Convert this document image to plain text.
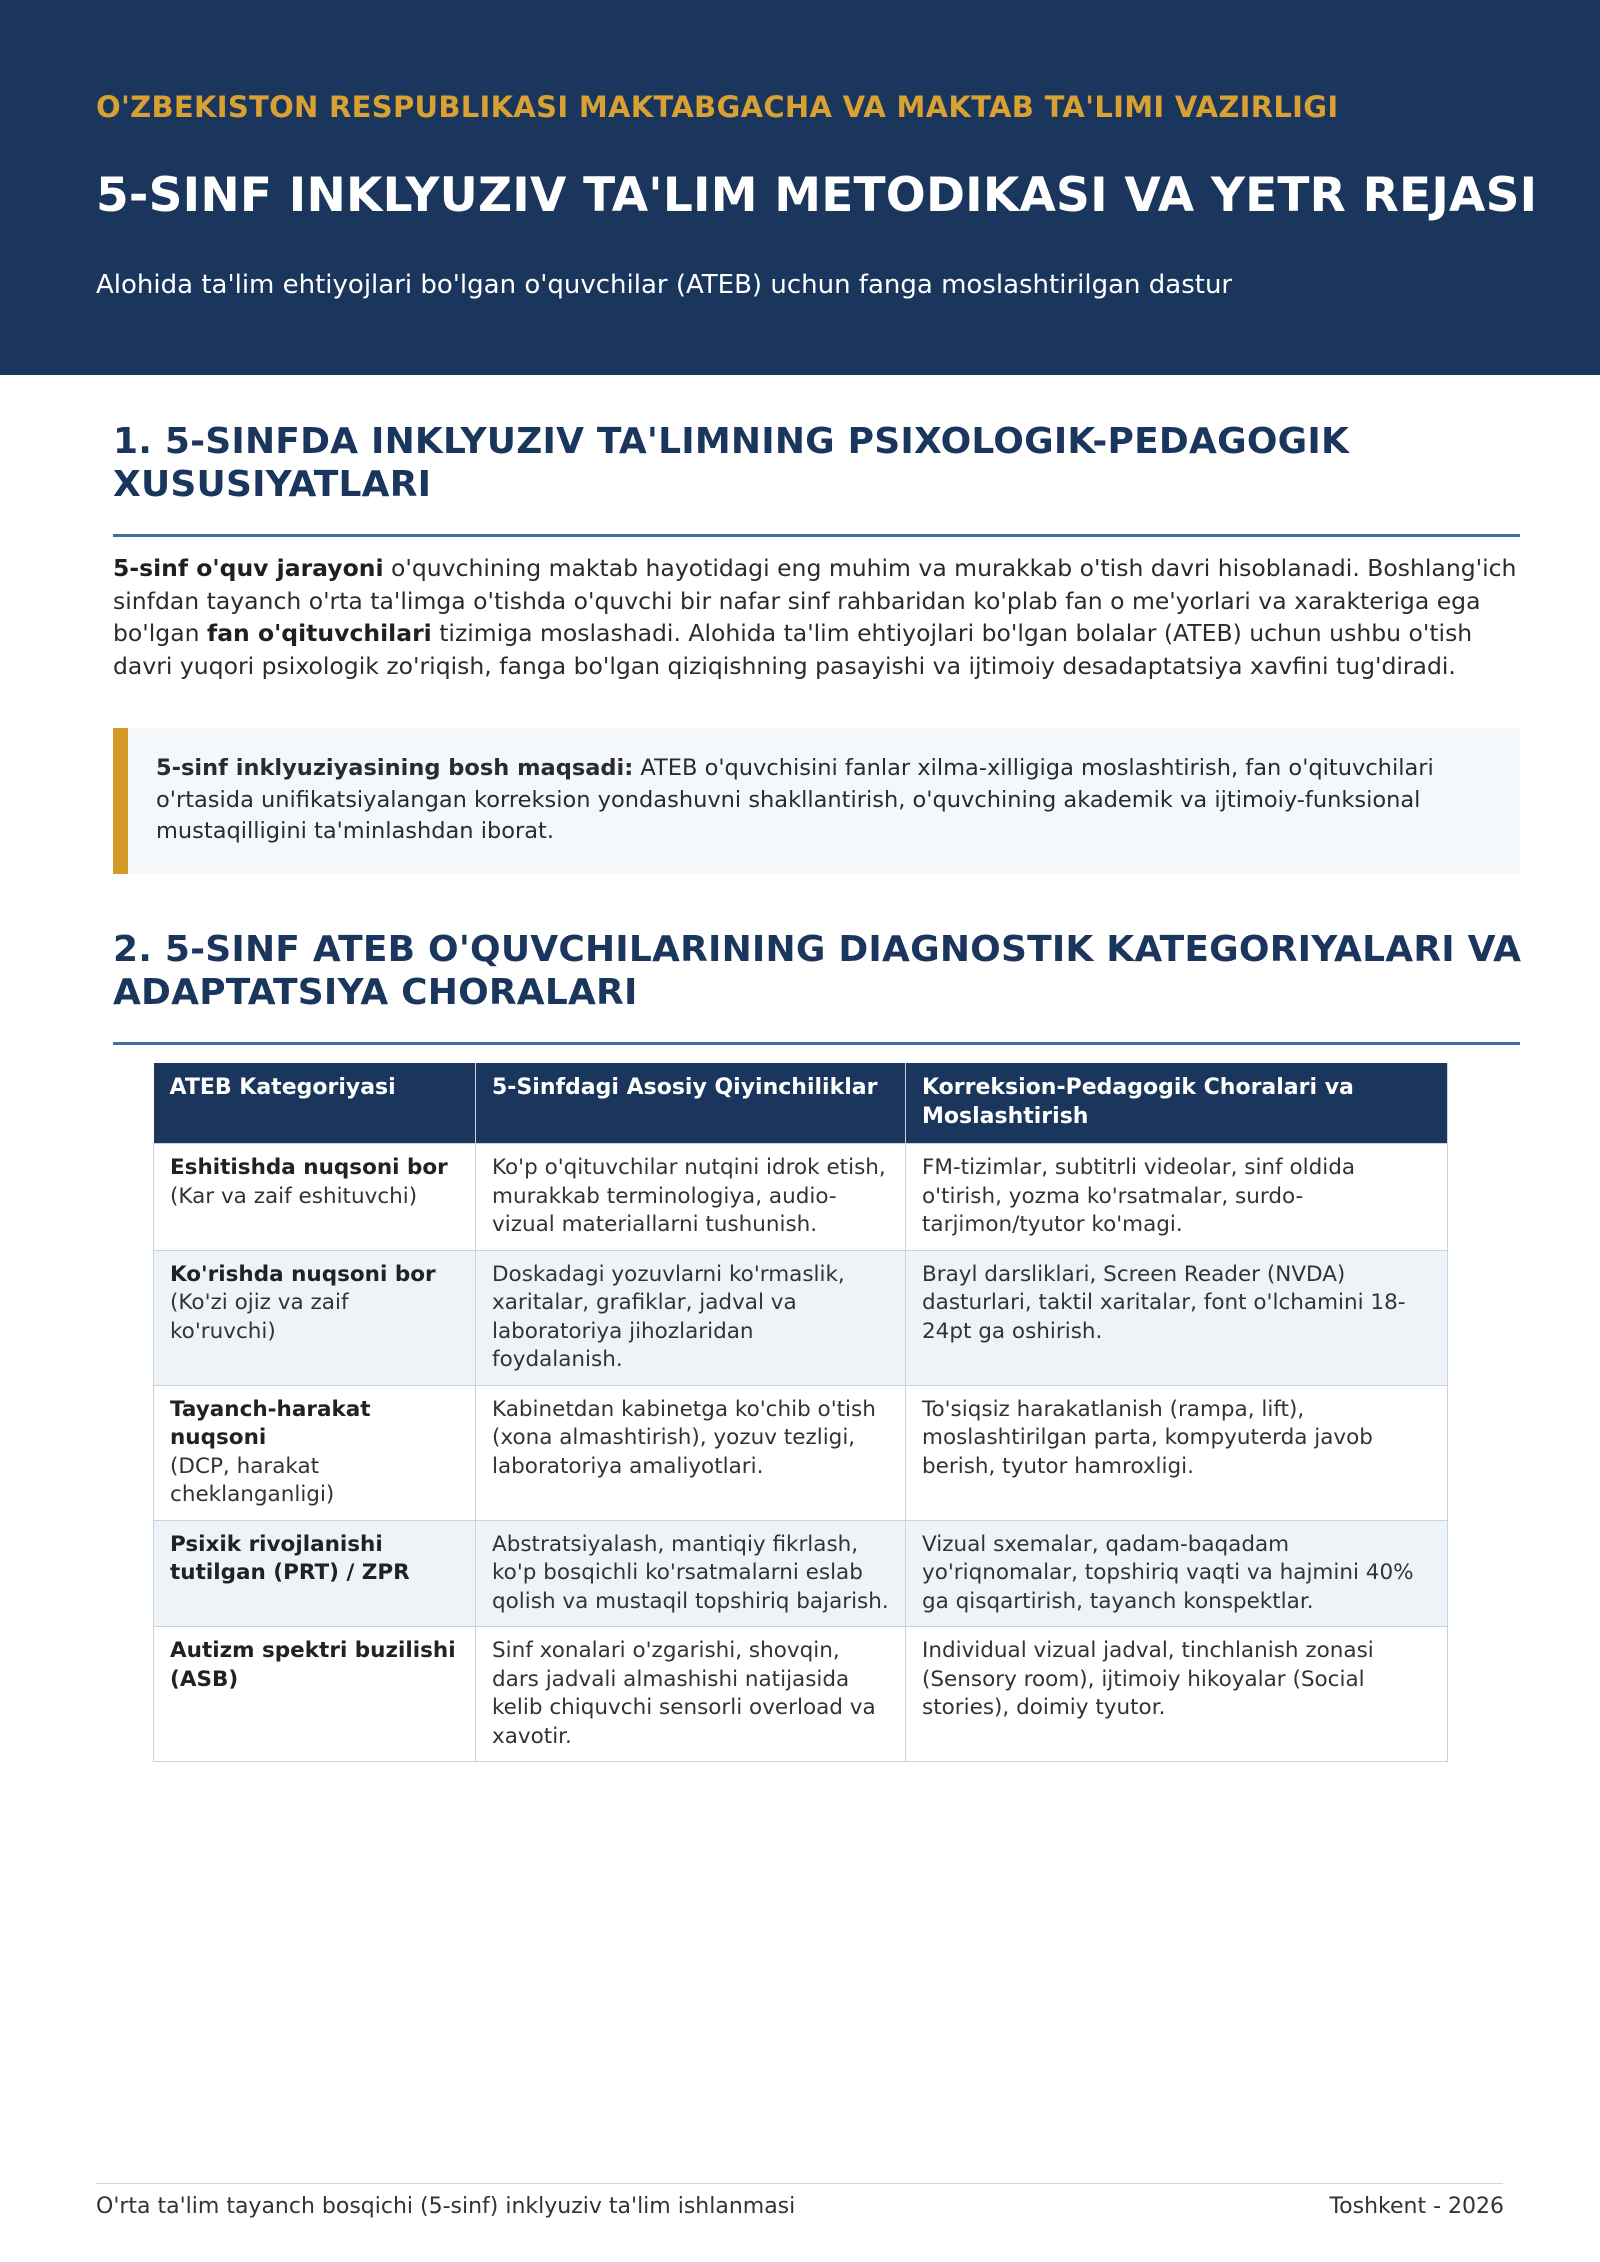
O'ZBEKISTON RESPUBLIKASI MAKTABGACHA VA MAKTAB TA'LIMI VAZIRLIGI
5-SINF INKLYUZIV TA'LIM METODIKASI VA YETR REJASI
Alohida ta'lim ehtiyojlari bo'lgan o'quvchilar (ATEB) uchun fanga moslashtirilgan dastur
1. 5-SINFDA INKLYUZIV TA'LIMNING PSIXOLOGIK-PEDAGOGIK XUSUSIYATLARI
5-sinf o'quv jarayoni o'quvchining maktab hayotidagi eng muhim va murakkab o'tish davri hisoblanadi. Boshlang'ich sinfdan tayanch o'rta ta'limga o'tishda o'quvchi bir nafar sinf rahbaridan ko'plab fan o me'yorlari va xarakteriga ega bo'lgan fan o'qituvchilari tizimiga moslashadi. Alohida ta'lim ehtiyojlari bo'lgan bolalar (ATEB) uchun ushbu o'tish davri yuqori psixologik zo'riqish, fanga bo'lgan qiziqishning pasayishi va ijtimoiy desadaptatsiya xavfini tug'diradi.
5-sinf inklyuziyasining bosh maqsadi: ATEB o'quvchisini fanlar xilma-xilligiga moslashtirish, fan o'qituvchilari o'rtasida unifikatsiyalangan korreksion yondashuvni shakllantirish, o'quvchining akademik va ijtimoiy-funksional mustaqilligini ta'minlashdan iborat.
2. 5-SINF ATEB O'QUVCHILARINING DIAGNOSTIK KATEGORIYALARI VA ADAPTATSIYA CHORALARI
ATEB Kategoriyasi	5-Sinfdagi Asosiy Qiyinchiliklar	Korreksion-Pedagogik Choralari va Moslashtirish

Eshitishda nuqsoni bor
(Kar va zaif eshituvchi)	Ko'p o'qituvchilar nutqini idrok etish, murakkab terminologiya, audio-vizual materiallarni tushunish.	FM-tizimlar, subtitrli videolar, sinf oldida o'tirish, yozma ko'rsatmalar, surdo-tarjimon/tyutor ko'magi.

Ko'rishda nuqsoni bor
(Ko'zi ojiz va zaif ko'ruvchi)	Doskadagi yozuvlarni ko'rmaslik, xaritalar, grafiklar, jadval va laboratoriya jihozlaridan foydalanish.	Brayl darsliklari, Screen Reader (NVDA) dasturlari, taktil xaritalar, font o'lchamini 18-24pt ga oshirish.

Tayanch-harakat nuqsoni
(DCP, harakat cheklanganligi)	Kabinetdan kabinetga ko'chib o'tish (xona almashtirish), yozuv tezligi, laboratoriya amaliyotlari.	To'siqsiz harakatlanish (rampa, lift), moslashtirilgan parta, kompyuterda javob berish, tyutor hamroxligi.

Psixik rivojlanishi tutilgan (PRT) / ZPR	Abstratsiyalash, mantiqiy fikrlash, ko'p bosqichli ko'rsatmalarni eslab qolish va mustaqil topshiriq bajarish.	Vizual sxemalar, qadam-baqadam yo'riqnomalar, topshiriq vaqti va hajmini 40% ga qisqartirish, tayanch konspektlar.

Autizm spektri buzilishi (ASB)	Sinf xonalari o'zgarishi, shovqin, dars jadvali almashishi natijasida kelib chiquvchi sensorli overload va xavotir.	Individual vizual jadval, tinchlanish zonasi (Sensory room), ijtimoiy hikoyalar (Social stories), doimiy tyutor.
O'rta ta'lim tayanch bosqichi (5-sinf) inklyuziv ta'lim ishlanmasi	Toshkent - 2026
